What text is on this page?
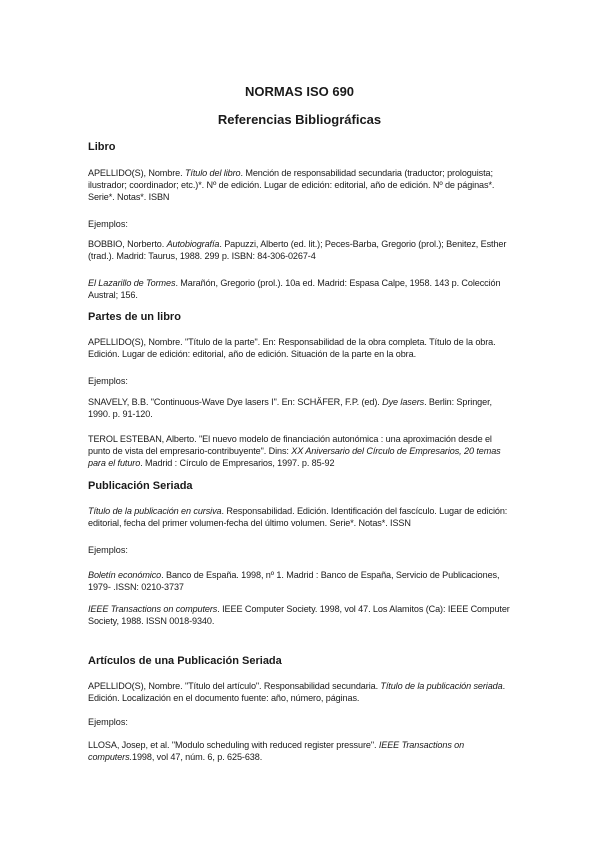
NORMAS ISO 690
Referencias Bibliográficas
Libro
APELLIDO(S), Nombre. Título del libro. Mención de responsabilidad secundaria (traductor; prologuista; ilustrador; coordinador; etc.)*. Nº de edición. Lugar de edición: editorial, año de edición. Nº de páginas*. Serie*. Notas*. ISBN
Ejemplos:
BOBBIO, Norberto. Autobiografía. Papuzzi, Alberto (ed. lit.); Peces-Barba, Gregorio (prol.); Benitez, Esther (trad.). Madrid: Taurus, 1988. 299 p. ISBN: 84-306-0267-4
El Lazarillo de Tormes. Marañón, Gregorio (prol.). 10a ed. Madrid: Espasa Calpe, 1958. 143 p. Colección Austral; 156.
Partes de un libro
APELLIDO(S), Nombre. "Título de la parte". En: Responsabilidad de la obra completa. Título de la obra. Edición. Lugar de edición: editorial, año de edición. Situación de la parte en la obra.
Ejemplos:
SNAVELY, B.B. "Continuous-Wave Dye lasers I". En: SCHÄFER, F.P. (ed). Dye lasers. Berlin: Springer, 1990. p. 91-120.
TEROL ESTEBAN, Alberto. "El nuevo modelo de financiación autonómica : una aproximación desde el punto de vista del empresario-contribuyente". Dins: XX Aniversario del Círculo de Empresarios, 20 temas para el futuro. Madrid : Círculo de Empresarios, 1997. p. 85-92
Publicación Seriada
Título de la publicación en cursiva. Responsabilidad. Edición. Identificación del fascículo. Lugar de edición: editorial, fecha del primer volumen-fecha del último volumen. Serie*. Notas*. ISSN
Ejemplos:
Boletín económico. Banco de España. 1998, nº 1. Madrid : Banco de España, Servicio de Publicaciones, 1979- .ISSN: 0210-3737
IEEE Transactions on computers. IEEE Computer Society. 1998, vol 47. Los Alamitos (Ca): IEEE Computer Society, 1988. ISSN 0018-9340.
Artículos de una Publicación Seriada
APELLIDO(S), Nombre. "Título del artículo". Responsabilidad secundaria. Título de la publicación seriada. Edición. Localización en el documento fuente: año, número, páginas.
Ejemplos:
LLOSA, Josep, et al. "Modulo scheduling with reduced register pressure". IEEE Transactions on computers.1998, vol 47, núm. 6, p. 625-638.
